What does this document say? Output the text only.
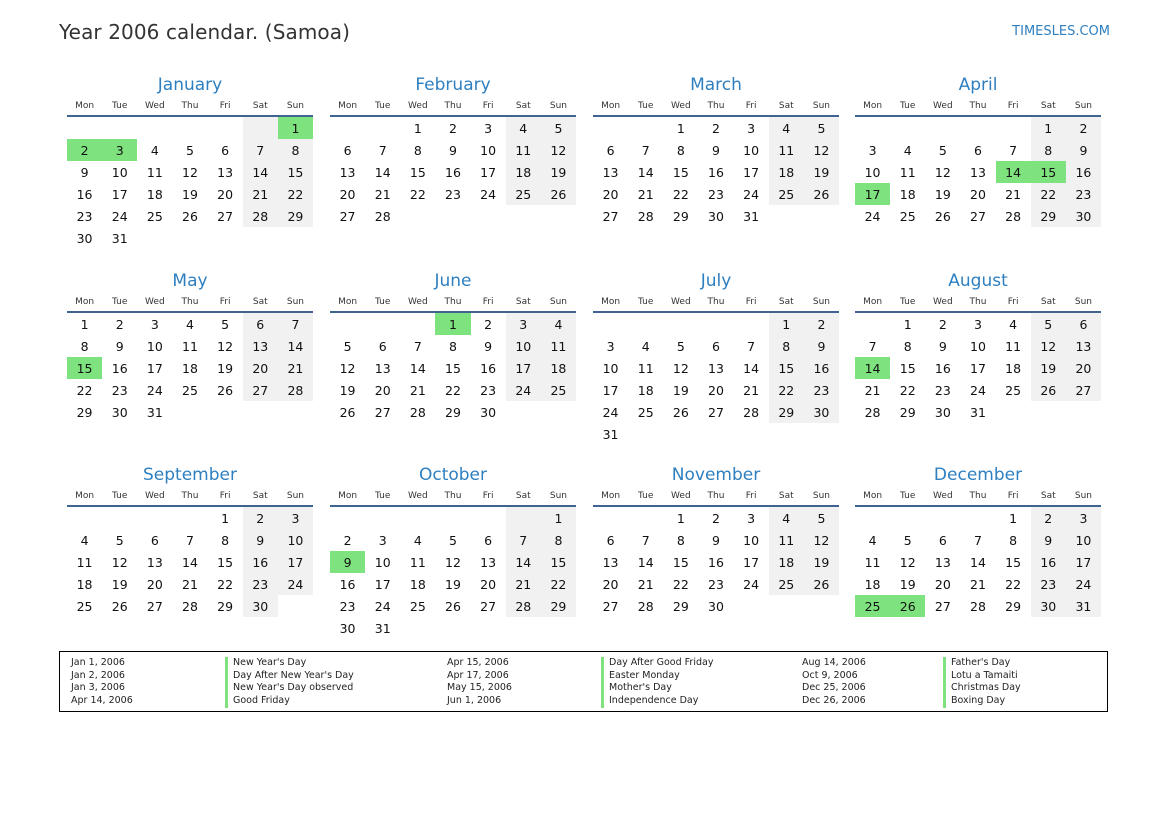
Year 2006 calendar. (Samoa)	TIMESLES.COM
January
Mon	Tue	Wed	Thu	Fri	Sat	Sun
						1
2	3	4	5	6	7	8
9	10	11	12	13	14	15
16	17	18	19	20	21	22
23	24	25	26	27	28	29
30	31					
February
Mon	Tue	Wed	Thu	Fri	Sat	Sun
		1	2	3	4	5
6	7	8	9	10	11	12
13	14	15	16	17	18	19
20	21	22	23	24	25	26
27	28					
March
Mon	Tue	Wed	Thu	Fri	Sat	Sun
		1	2	3	4	5
6	7	8	9	10	11	12
13	14	15	16	17	18	19
20	21	22	23	24	25	26
27	28	29	30	31		
April
Mon	Tue	Wed	Thu	Fri	Sat	Sun
					1	2
3	4	5	6	7	8	9
10	11	12	13	14	15	16
17	18	19	20	21	22	23
24	25	26	27	28	29	30
May
Mon	Tue	Wed	Thu	Fri	Sat	Sun
1	2	3	4	5	6	7
8	9	10	11	12	13	14
15	16	17	18	19	20	21
22	23	24	25	26	27	28
29	30	31				
June
Mon	Tue	Wed	Thu	Fri	Sat	Sun
			1	2	3	4
5	6	7	8	9	10	11
12	13	14	15	16	17	18
19	20	21	22	23	24	25
26	27	28	29	30		
July
Mon	Tue	Wed	Thu	Fri	Sat	Sun
					1	2
3	4	5	6	7	8	9
10	11	12	13	14	15	16
17	18	19	20	21	22	23
24	25	26	27	28	29	30
31						
August
Mon	Tue	Wed	Thu	Fri	Sat	Sun
	1	2	3	4	5	6
7	8	9	10	11	12	13
14	15	16	17	18	19	20
21	22	23	24	25	26	27
28	29	30	31			
September
Mon	Tue	Wed	Thu	Fri	Sat	Sun
				1	2	3
4	5	6	7	8	9	10
11	12	13	14	15	16	17
18	19	20	21	22	23	24
25	26	27	28	29	30	
October
Mon	Tue	Wed	Thu	Fri	Sat	Sun
						1
2	3	4	5	6	7	8
9	10	11	12	13	14	15
16	17	18	19	20	21	22
23	24	25	26	27	28	29
30	31					
November
Mon	Tue	Wed	Thu	Fri	Sat	Sun
		1	2	3	4	5
6	7	8	9	10	11	12
13	14	15	16	17	18	19
20	21	22	23	24	25	26
27	28	29	30			
December
Mon	Tue	Wed	Thu	Fri	Sat	Sun
				1	2	3
4	5	6	7	8	9	10
11	12	13	14	15	16	17
18	19	20	21	22	23	24
25	26	27	28	29	30	31
Jan 1, 2006
Jan 2, 2006
Jan 3, 2006
Apr 14, 2006
New Year's Day
Day After New Year's Day
New Year's Day observed
Good Friday
Apr 15, 2006
Apr 17, 2006
May 15, 2006
Jun 1, 2006
Day After Good Friday
Easter Monday
Mother's Day
Independence Day
Aug 14, 2006
Oct 9, 2006
Dec 25, 2006
Dec 26, 2006
Father's Day
Lotu a Tamaiti
Christmas Day
Boxing Day
